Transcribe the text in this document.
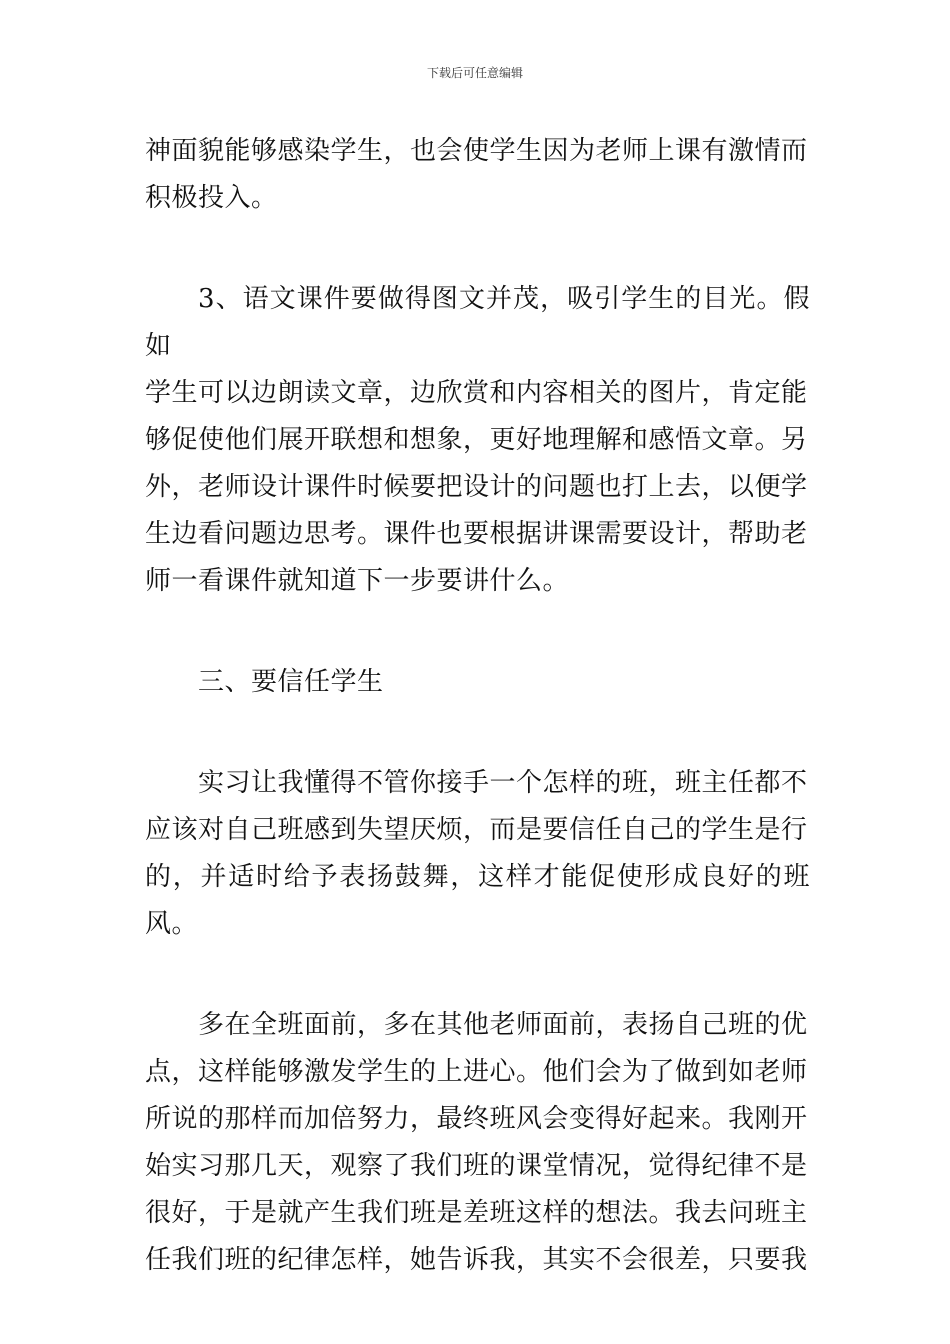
下载后可任意编辑
神面貌能够感染学生，也会使学生因为老师上课有激情而
积极投入。
3、语文课件要做得图文并茂，吸引学生的目光。假如
学生可以边朗读文章，边欣赏和内容相关的图片，肯定能
够促使他们展开联想和想象，更好地理解和感悟文章。另
外，老师设计课件时候要把设计的问题也打上去，以便学
生边看问题边思考。课件也要根据讲课需要设计，帮助老
师一看课件就知道下一步要讲什么。
三、要信任学生
实习让我懂得不管你接手一个怎样的班，班主任都不
应该对自己班感到失望厌烦，而是要信任自己的学生是行
的，并适时给予表扬鼓舞，这样才能促使形成良好的班风。
多在全班面前，多在其他老师面前，表扬自己班的优
点，这样能够激发学生的上进心。他们会为了做到如老师
所说的那样而加倍努力，最终班风会变得好起来。我刚开
始实习那几天，观察了我们班的课堂情况，觉得纪律不是
很好，于是就产生我们班是差班这样的想法。我去问班主
任我们班的纪律怎样，她告诉我，其实不会很差，只要我
